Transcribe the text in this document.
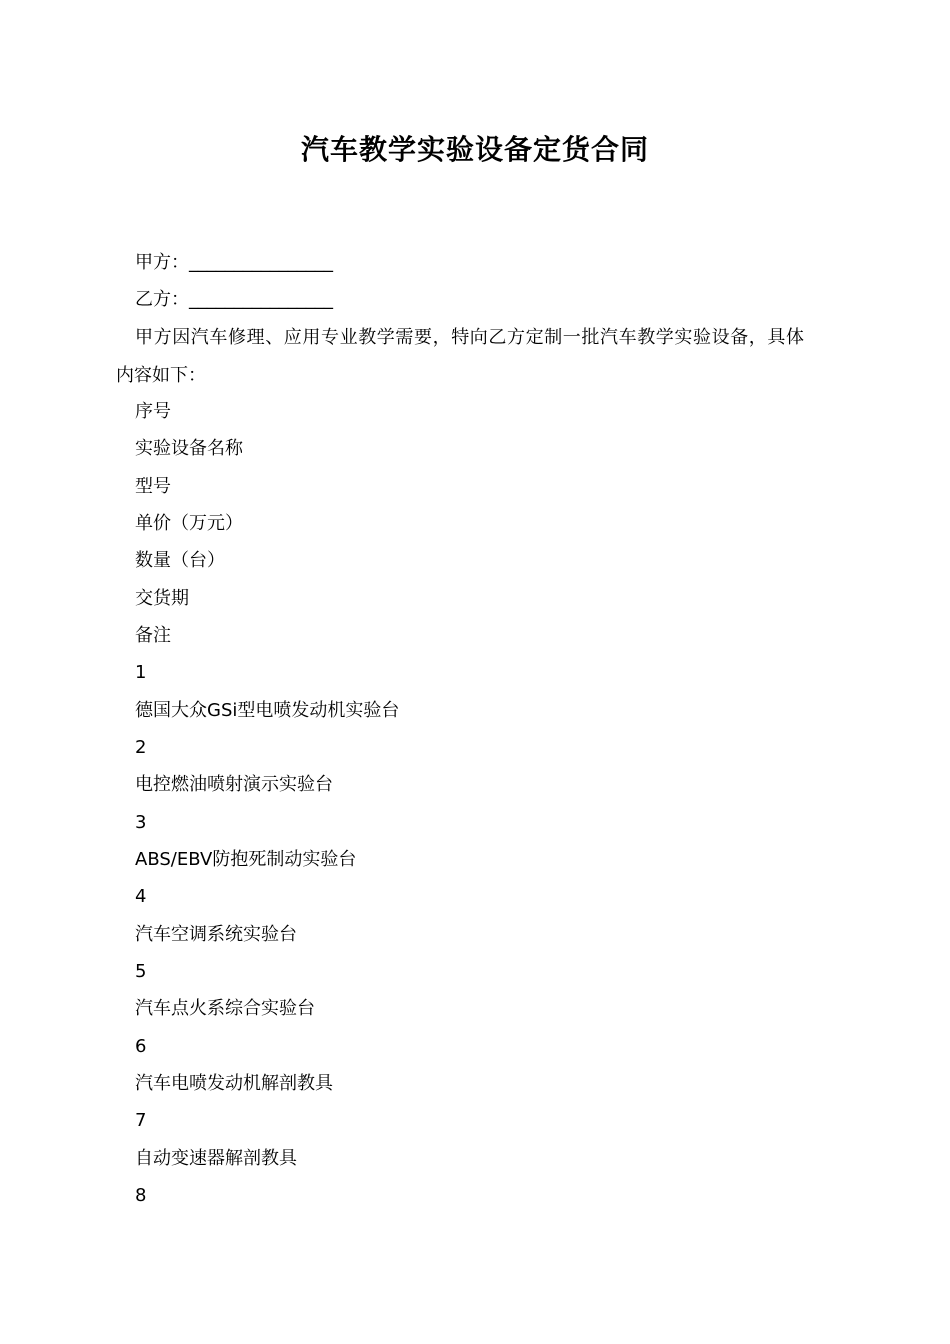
汽车教学实验设备定货合同
甲方：________________
乙方：________________
甲方因汽车修理、应用专业教学需要，特向乙方定制一批汽车教学实验设备，具体
内容如下：
序号
实验设备名称
型号
单价（万元）
数量（台）
交货期
备注
1
德国大众GSi型电喷发动机实验台
2
电控燃油喷射演示实验台
3
ABS/EBV防抱死制动实验台
4
汽车空调系统实验台
5
汽车点火系综合实验台
6
汽车电喷发动机解剖教具
7
自动变速器解剖教具
8
